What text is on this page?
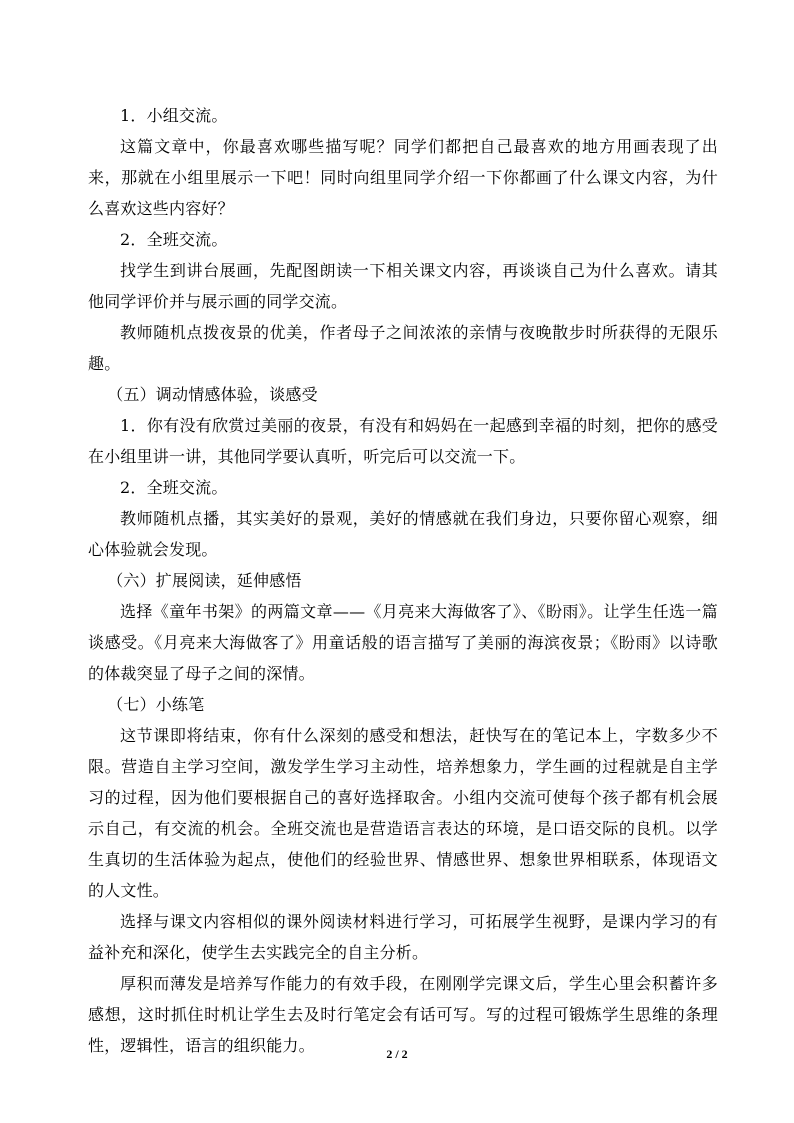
1．小组交流。

这篇文章中，你最喜欢哪些描写呢？同学们都把自己最喜欢的地方用画表现了出来，那就在小组里展示一下吧！同时向组里同学介绍一下你都画了什么课文内容，为什么喜欢这些内容好？

2．全班交流。

找学生到讲台展画，先配图朗读一下相关课文内容，再谈谈自己为什么喜欢。请其他同学评价并与展示画的同学交流。

教师随机点拨夜景的优美，作者母子之间浓浓的亲情与夜晚散步时所获得的无限乐趣。

（五）调动情感体验，谈感受

1．你有没有欣赏过美丽的夜景，有没有和妈妈在一起感到幸福的时刻，把你的感受在小组里讲一讲，其他同学要认真听，听完后可以交流一下。

2．全班交流。

教师随机点播，其实美好的景观，美好的情感就在我们身边，只要你留心观察，细心体验就会发现。

（六）扩展阅读，延伸感悟

选择《童年书架》的两篇文章——《月亮来大海做客了》、《盼雨》。让学生任选一篇谈感受。《月亮来大海做客了》用童话般的语言描写了美丽的海滨夜景；《盼雨》以诗歌的体裁突显了母子之间的深情。

（七）小练笔

这节课即将结束，你有什么深刻的感受和想法，赶快写在的笔记本上，字数多少不限。营造自主学习空间，激发学生学习主动性，培养想象力，学生画的过程就是自主学习的过程，因为他们要根据自己的喜好选择取舍。小组内交流可使每个孩子都有机会展示自己，有交流的机会。全班交流也是营造语言表达的环境，是口语交际的良机。以学生真切的生活体验为起点，使他们的经验世界、情感世界、想象世界相联系，体现语文的人文性。

选择与课文内容相似的课外阅读材料进行学习，可拓展学生视野，是课内学习的有益补充和深化，使学生去实践完全的自主分析。

厚积而薄发是培养写作能力的有效手段，在刚刚学完课文后，学生心里会积蓄许多感想，这时抓住时机让学生去及时行笔定会有话可写。写的过程可锻炼学生思维的条理性，逻辑性，语言的组织能力。	2 / 2
